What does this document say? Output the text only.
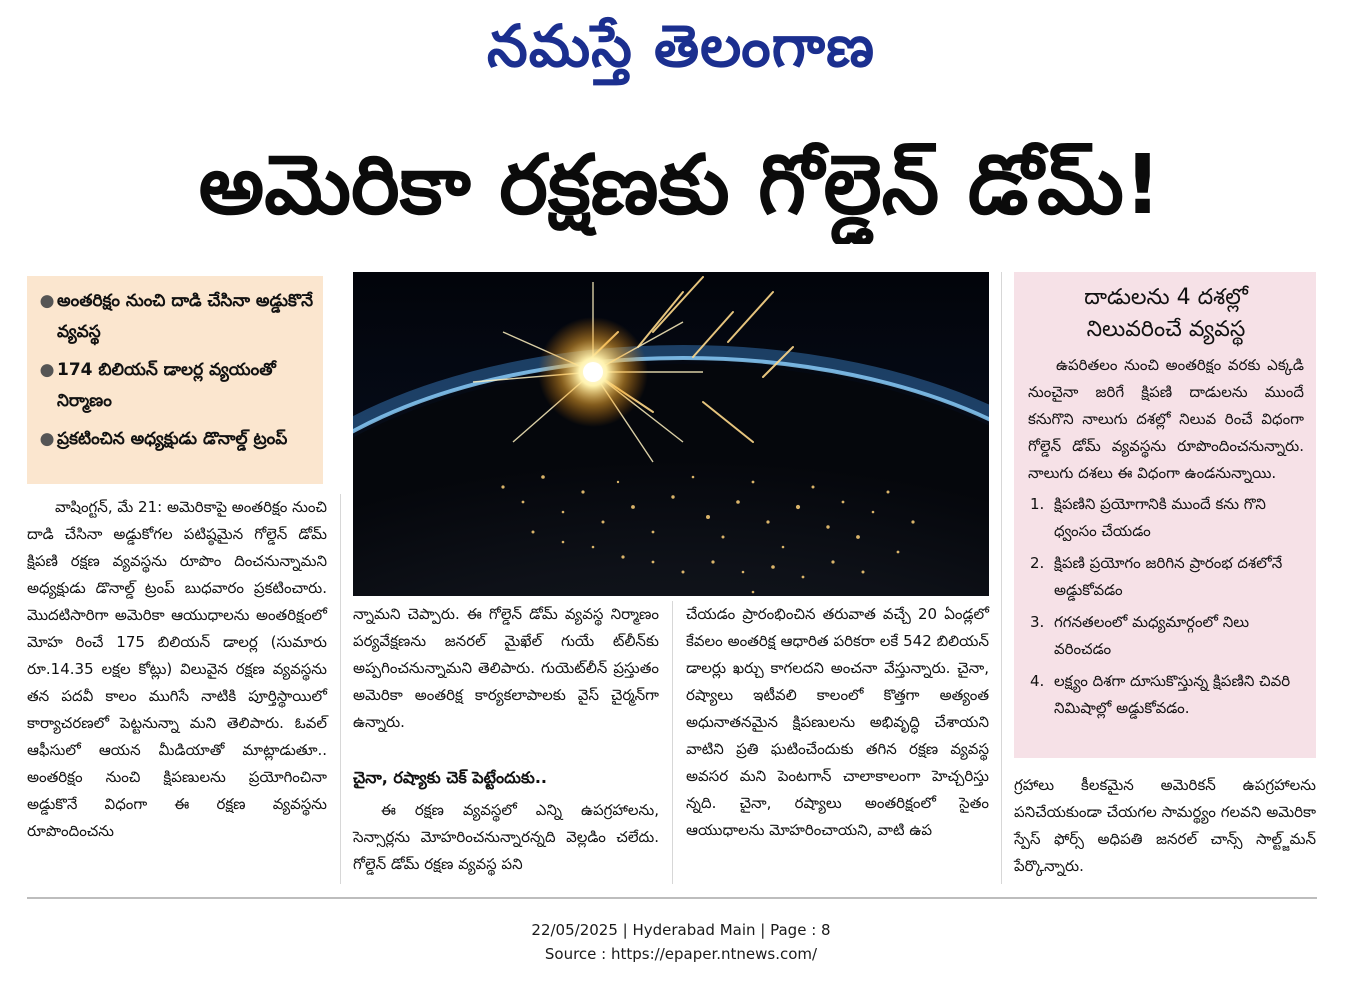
నమస్తే తెలంగాణ
అమెరికా రక్షణకు గోల్డెన్ డోమ్!
● అంతరిక్షం నుంచి దాడి చేసినా అడ్డుకొనే వ్యవస్థ
● 174 బిలియన్ డాలర్ల వ్యయంతో నిర్మాణం
● ప్రకటించిన అధ్యక్షుడు డొనాల్డ్ ట్రంప్
దాడులను 4 దశల్లో
నిలువరించే వ్యవస్థ

ఉపరితలం నుంచి అంతరిక్షం వరకు ఎక్కడి నుంచైనా జరిగే క్షిపణి దాడులను ముందే కనుగొని నాలుగు దశల్లో నిలువ రించే విధంగా గోల్డెన్ డోమ్ వ్యవస్థను రూపొందించనున్నారు. నాలుగు దశలు ఈ విధంగా ఉండనున్నాయి.

1. క్షిపణిని ప్రయోగానికి ముందే కను గొని ధ్వంసం చేయడం
2. క్షిపణి ప్రయోగం జరిగిన ప్రారంభ దశలోనే అడ్డుకోవడం
3. గగనతలంలో మధ్యమార్గంలో నిలు వరించడం
4. లక్ష్యం దిశగా దూసుకొస్తున్న క్షిపణిని చివరి నిమిషాల్లో అడ్డుకోవడం.

వాషింగ్టన్, మే 21: అమెరికాపై అంతరిక్షం నుంచి దాడి చేసినా అడ్డుకోగల పటిష్ఠమైన గోల్డెన్ డోమ్ క్షిపణి రక్షణ వ్యవస్థను రూపొం దించనున్నామని అధ్యక్షుడు డొనాల్డ్ ట్రంప్ బుధవారం ప్రకటించారు. మొదటిసారిగా అమెరికా ఆయుధాలను అంతరిక్షంలో మోహ రించే 175 బిలియన్ డాలర్ల (సుమారు రూ.14.35 లక్షల కోట్లు) విలువైన రక్షణ వ్యవస్థను తన పదవీ కాలం ముగిసే నాటికి పూర్తిస్థాయిలో కార్యాచరణలో పెట్టనున్నా మని తెలిపారు. ఓవల్ ఆఫీసులో ఆయన మీడియాతో మాట్లాడుతూ.. అంతరిక్షం నుంచి క్షిపణులను ప్రయోగించినా అడ్డుకొనే విధంగా ఈ రక్షణ వ్యవస్థను రూపొందించను

న్నామని చెప్పారు. ఈ గోల్డెన్ డోమ్ వ్యవస్థ నిర్మాణం పర్యవేక్షణను జనరల్ మైఖేల్ గుయే ట్‌లీన్‌కు అప్పగించనున్నామని తెలిపారు. గుయెట్‌లీన్ ప్రస్తుతం అమెరికా అంతరిక్ష కార్యకలాపాలకు వైస్ చైర్మన్‌గా ఉన్నారు.

చైనా, రష్యాకు చెక్ పెట్టేందుకు..

ఈ రక్షణ వ్యవస్థలో ఎన్ని ఉపగ్రహాలను, సెన్సార్లను మోహరించనున్నారన్నది వెల్లడిం చలేదు. గోల్డెన్ డోమ్ రక్షణ వ్యవస్థ పని

చేయడం ప్రారంభించిన తరువాత వచ్చే 20 ఏండ్లలో కేవలం అంతరిక్ష ఆధారిత పరికరా లకే 542 బిలియన్ డాలర్లు ఖర్చు కాగలదని అంచనా వేస్తున్నారు. చైనా, రష్యాలు ఇటీవలి కాలంలో కొత్తగా అత్యంత అధునాతనమైన క్షిపణులను అభివృద్ధి చేశాయని వాటిని ప్రతి ఘటించేందుకు తగిన రక్షణ వ్యవస్థ అవసర మని పెంటగాన్ చాలాకాలంగా హెచ్చరిస్తు న్నది. చైనా, రష్యాలు అంతరిక్షంలో సైతం ఆయుధాలను మోహరించాయని, వాటి ఉప

గ్రహాలు కీలకమైన అమెరికన్ ఉపగ్రహాలను పనిచేయకుండా చేయగల సామర్థ్యం గలవని అమెరికా స్పేస్ ఫోర్స్ అధిపతి జనరల్ చాన్స్ సాల్ట్జ్‌మన్ పేర్కొన్నారు.

22/05/2025 | Hyderabad Main | Page : 8
Source : https://epaper.ntnews.com/
